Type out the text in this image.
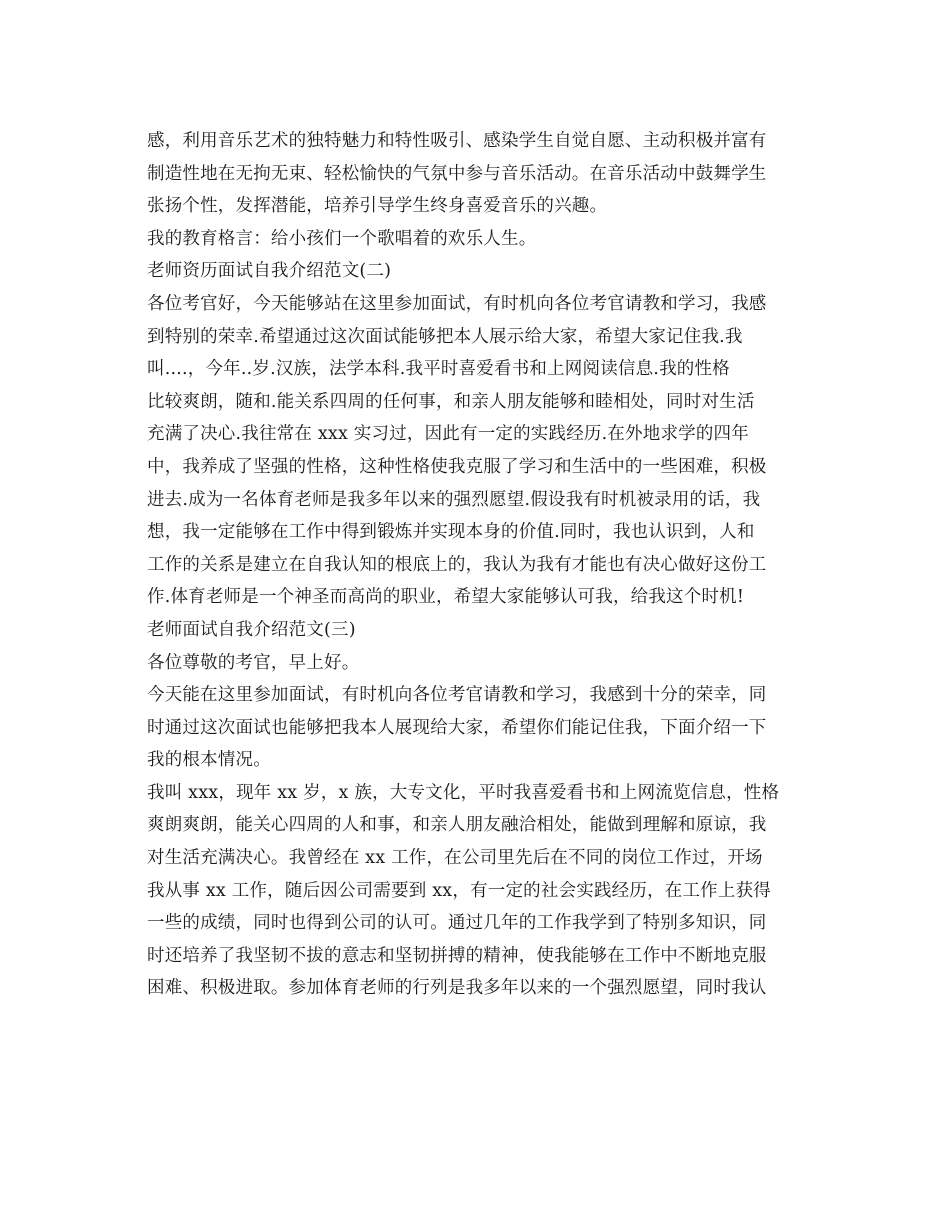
感，利用音乐艺术的独特魅力和特性吸引、感染学生自觉自愿、主动积极并富有
制造性地在无拘无束、轻松愉快的气氛中参与音乐活动。在音乐活动中鼓舞学生
张扬个性，发挥潜能，培养引导学生终身喜爱音乐的兴趣。
我的教育格言：给小孩们一个歌唱着的欢乐人生。
老师资历面试自我介绍范文(二)
各位考官好，今天能够站在这里参加面试，有时机向各位考官请教和学习，我感
到特别的荣幸.希望通过这次面试能够把本人展示给大家，希望大家记住我.我
叫....，今年..岁.汉族，法学本科.我平时喜爱看书和上网阅读信息.我的性格
比较爽朗，随和.能关系四周的任何事，和亲人朋友能够和睦相处，同时对生活
充满了决心.我往常在 xxx 实习过，因此有一定的实践经历.在外地求学的四年
中，我养成了坚强的性格，这种性格使我克服了学习和生活中的一些困难，积极
进去.成为一名体育老师是我多年以来的强烈愿望.假设我有时机被录用的话，我
想，我一定能够在工作中得到锻炼并实现本身的价值.同时，我也认识到，人和
工作的关系是建立在自我认知的根底上的，我认为我有才能也有决心做好这份工
作.体育老师是一个神圣而高尚的职业，希望大家能够认可我，给我这个时机!
老师面试自我介绍范文(三)
各位尊敬的考官，早上好。
今天能在这里参加面试，有时机向各位考官请教和学习，我感到十分的荣幸，同
时通过这次面试也能够把我本人展现给大家，希望你们能记住我，下面介绍一下
我的根本情况。
我叫 xxx，现年 xx 岁，x 族，大专文化，平时我喜爱看书和上网流览信息，性格
爽朗爽朗，能关心四周的人和事，和亲人朋友融洽相处，能做到理解和原谅，我
对生活充满决心。我曾经在 xx 工作，在公司里先后在不同的岗位工作过，开场
我从事 xx 工作，随后因公司需要到 xx，有一定的社会实践经历，在工作上获得
一些的成绩，同时也得到公司的认可。通过几年的工作我学到了特别多知识，同
时还培养了我坚韧不拔的意志和坚韧拼搏的精神，使我能够在工作中不断地克服
困难、积极进取。参加体育老师的行列是我多年以来的一个强烈愿望，同时我认
